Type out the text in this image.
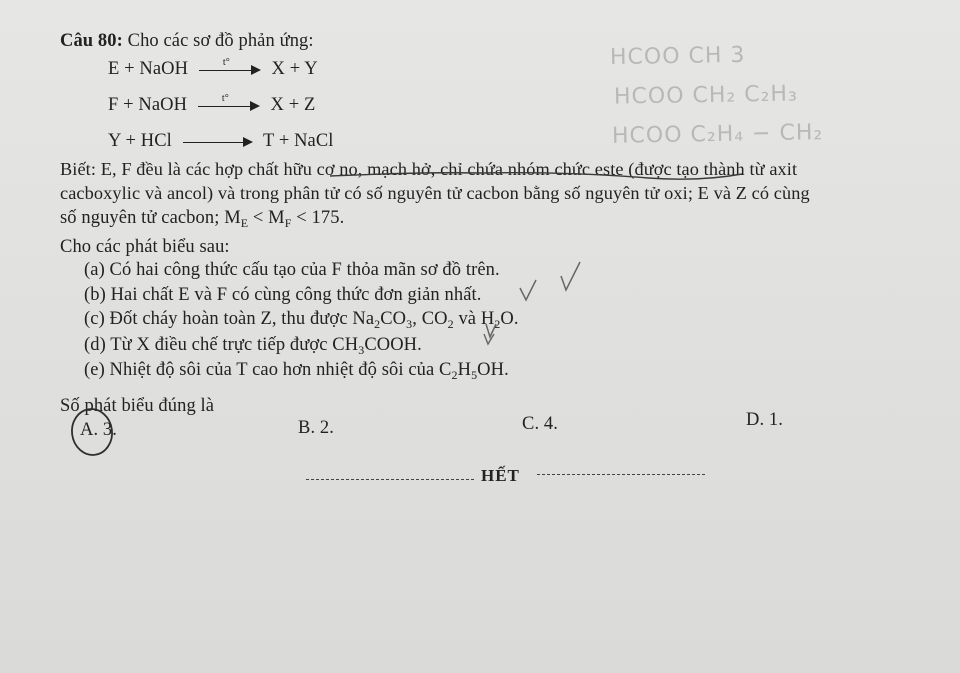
Câu 80: Cho các sơ đồ phản ứng:
E + NaOH	t° X + Y
F + NaOH	t° X + Z
Y + HCl	T + NaCl
Biết: E, F đều là các hợp chất hữu cơ no, mạch hở, chỉ chứa nhóm chức este (được tạo thành từ axit
cacboxylic và ancol) và trong phân tử có số nguyên tử cacbon bằng số nguyên tử oxi; E và Z có cùng
số nguyên tử cacbon; $M_E < M_F < 175$.
Cho các phát biểu sau:
(a) Có hai công thức cấu tạo của F thỏa mãn sơ đồ trên.
(b) Hai chất E và F có cùng công thức đơn giản nhất.
(c) Đốt cháy hoàn toàn Z, thu được $Na_2CO_3$, $CO_2$ và $H_2O$.
(d) Từ X điều chế trực tiếp được $CH_3COOH$.
(e) Nhiệt độ sôi của T cao hơn nhiệt độ sôi của $C_2H_5OH$.
Số phát biểu đúng là
A. 3.	B. 2.	C. 4.	D. 1.
HẾT
HCOO CH 3
HCOO CH₂ C₂H₃
HCOO C₂H₄ − CH₂
